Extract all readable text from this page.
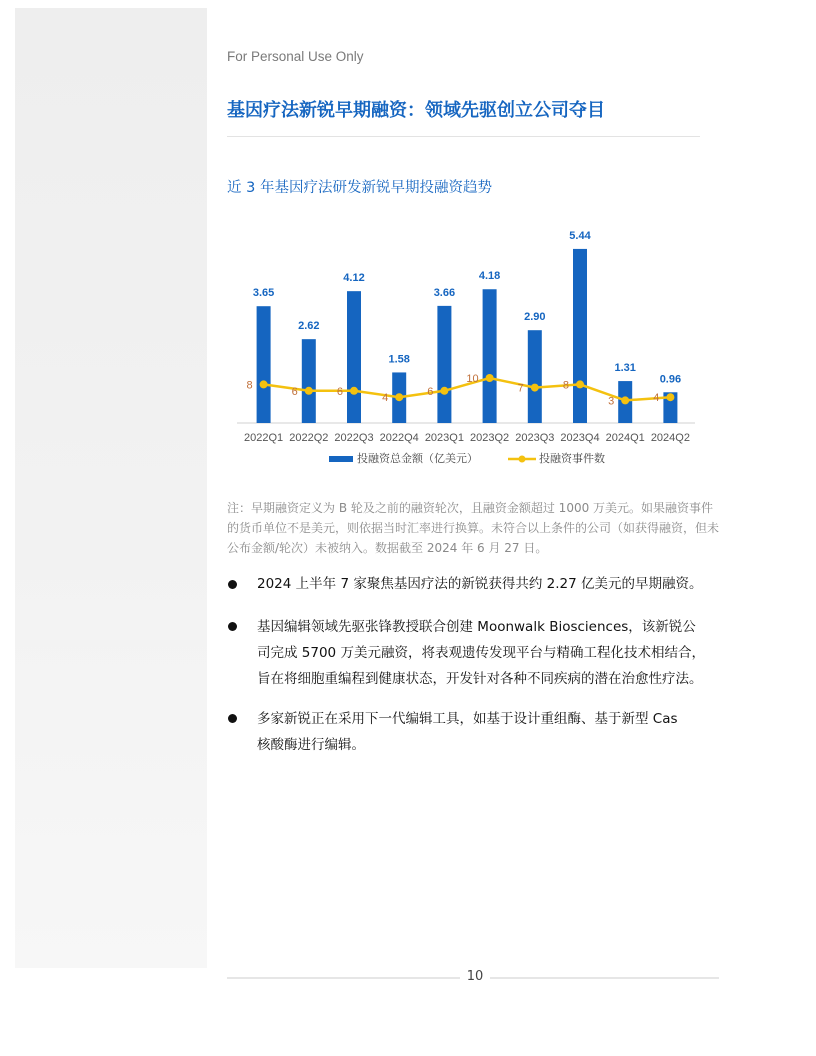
For Personal Use Only
基因疗法新锐早期融资：领域先驱创立公司夺目
近 3 年基因疗法研发新锐早期投融资趋势
3.65
2.62
4.12
1.58
3.66
4.18
2.90
5.44
1.31
0.96
2022Q1 2022Q2 2022Q3 2022Q4 2023Q1 2023Q2 2023Q3 2023Q4 2024Q1 2024Q2
8
6	6
4
6
10
7	8
3	4
投融资总金额（亿美元）	投融资事件数
注：早期融资定义为 B 轮及之前的融资轮次，且融资金额超过 1000 万美元。如果融资事件的货币单位不是美元，则依据当时汇率进行换算。未符合以上条件的公司（如获得融资，但未公布金额/轮次）未被纳入。数据截至 2024 年 6 月 27 日。
2024 上半年 7 家聚焦基因疗法的新锐获得共约 2.27 亿美元的早期融资。
基因编辑领域先驱张锋教授联合创建 Moonwalk Biosciences，该新锐公
司完成 5700 万美元融资，将表观遗传发现平台与精确工程化技术相结合，
旨在将细胞重编程到健康状态，开发针对各种不同疾病的潜在治愈性疗法。
多家新锐正在采用下一代编辑工具，如基于设计重组酶、基于新型 Cas
核酸酶进行编辑。
10
